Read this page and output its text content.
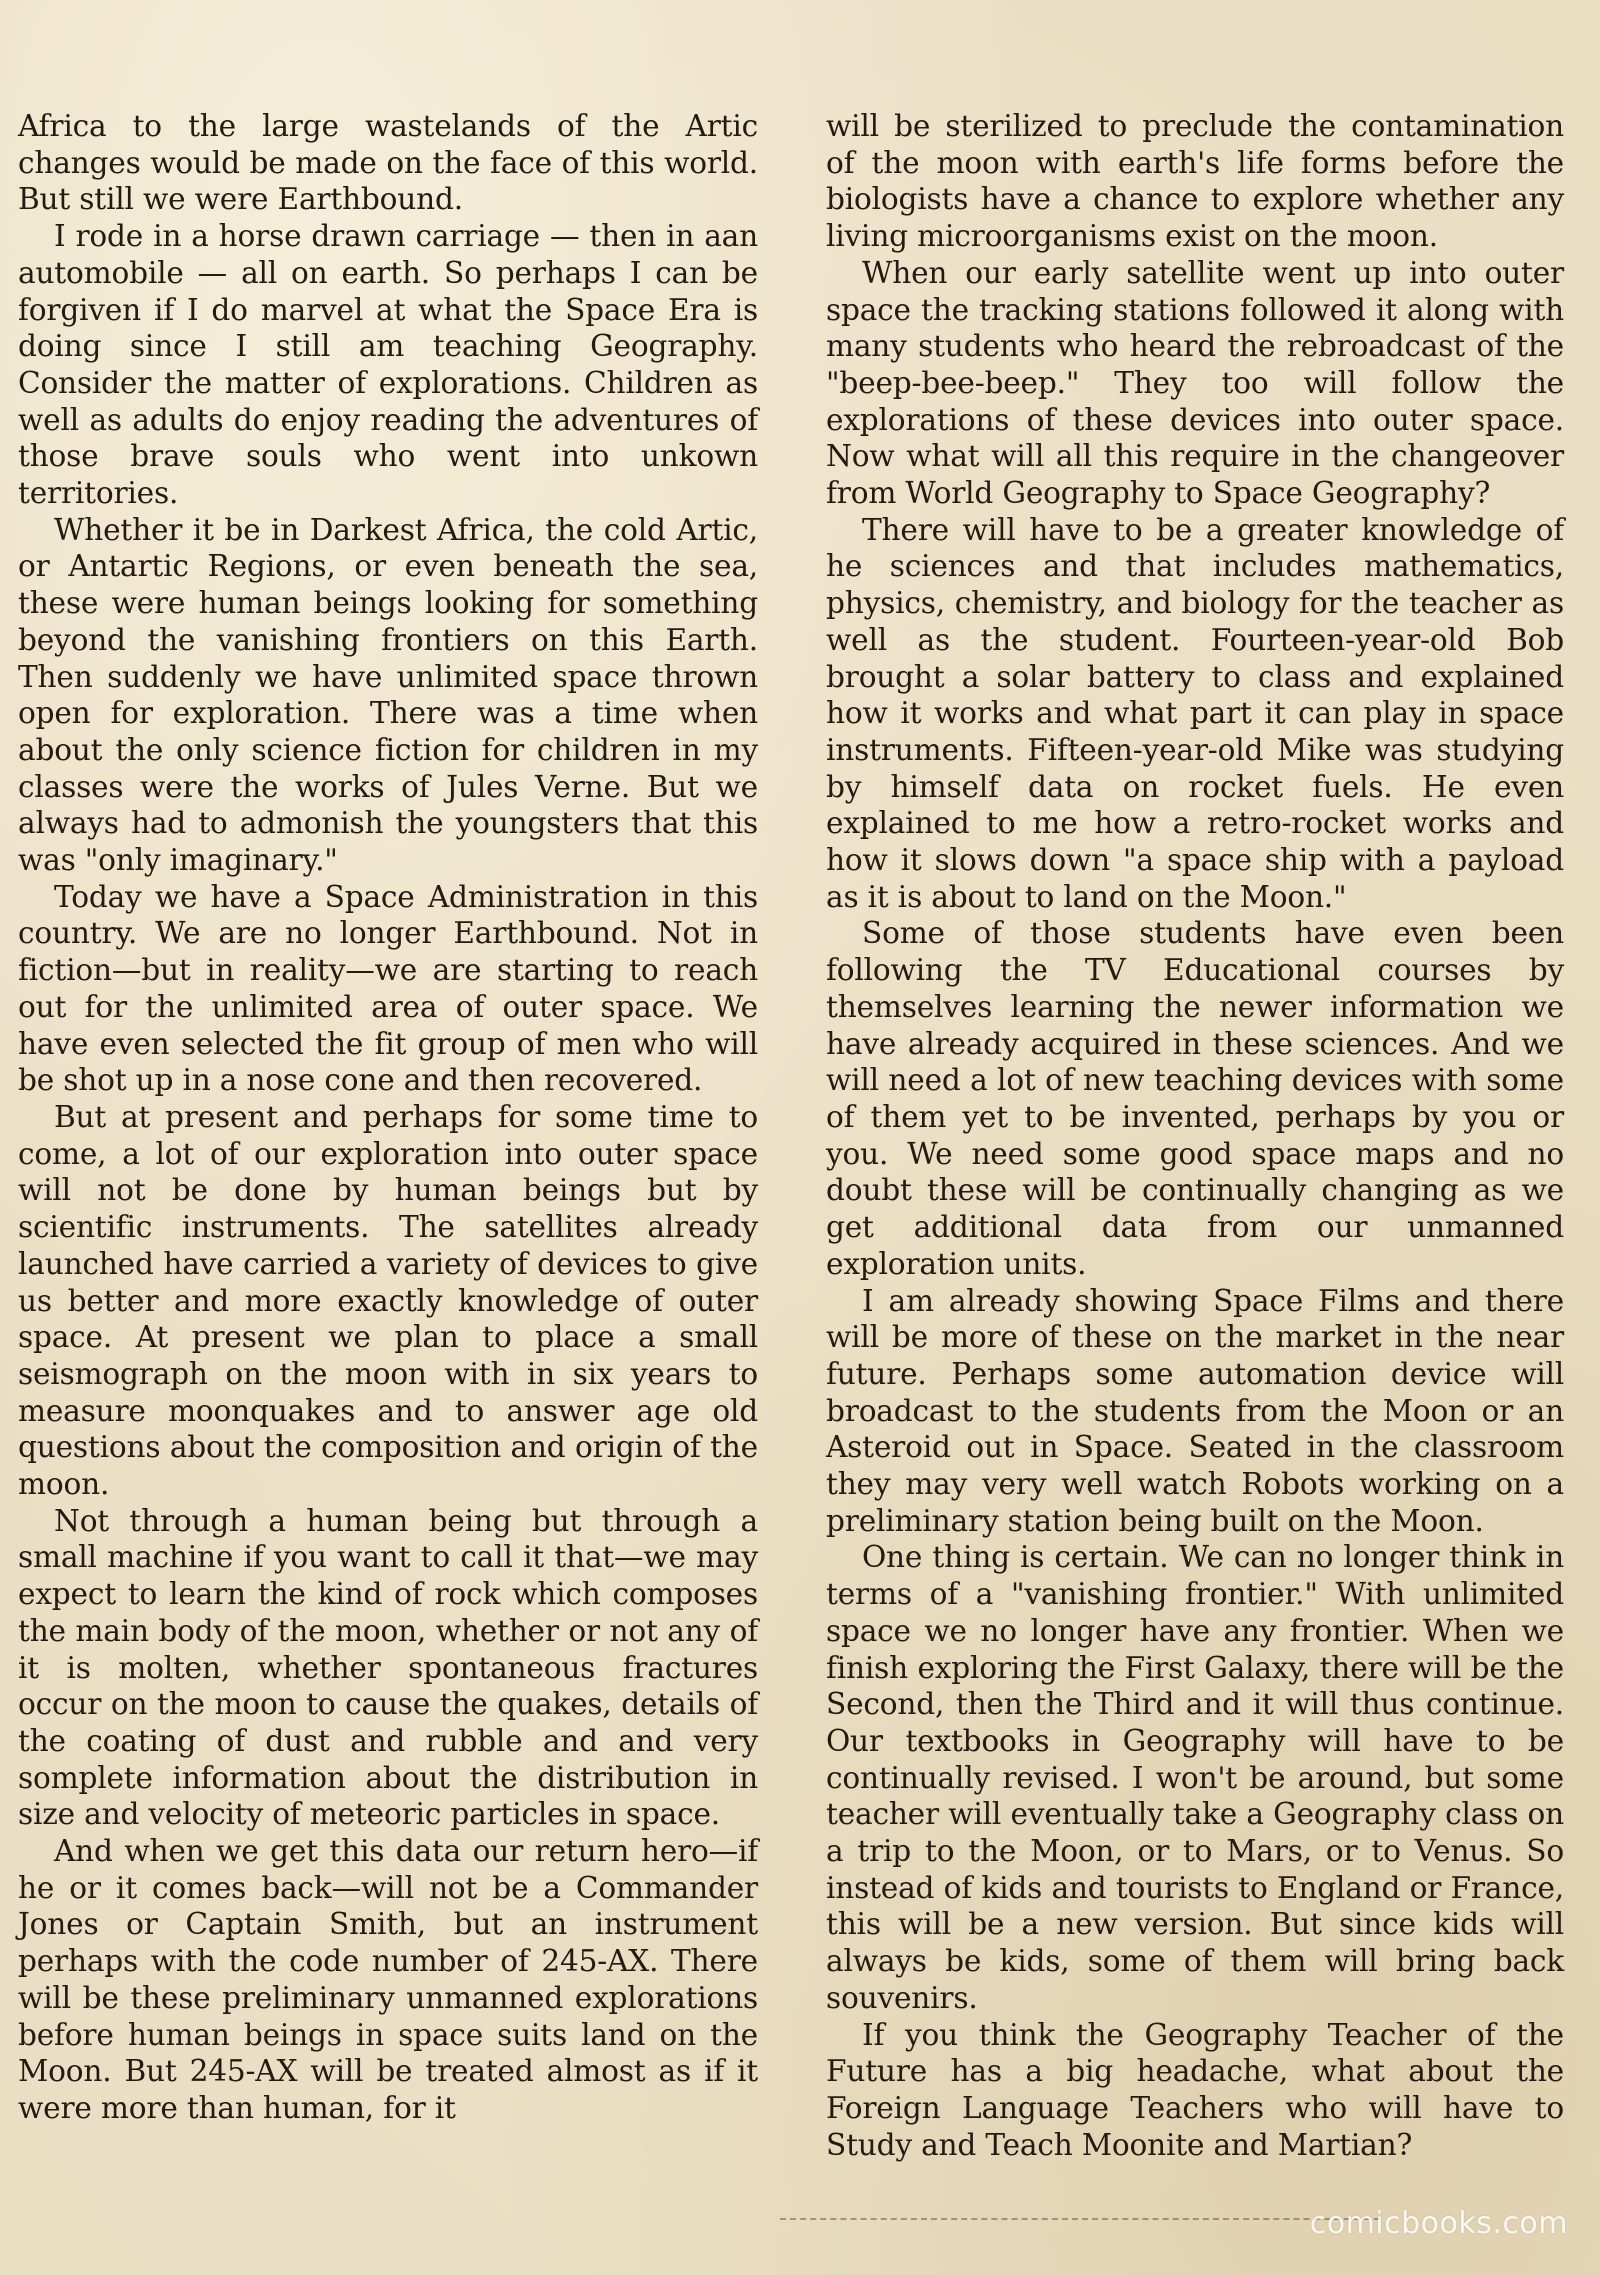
Africa to the large wastelands of the Artic changes would be made on the face of this world. But still we were Earthbound.

I rode in a horse drawn carriage — then in aan automobile — all on earth. So perhaps I can be forgiven if I do marvel at what the Space Era is doing since I still am teaching Geography. Consider the matter of explorations. Children as well as adults do enjoy reading the adventures of those brave souls who went into unkown territories.

Whether it be in Darkest Africa, the cold Artic, or Antartic Regions, or even beneath the sea, these were human beings looking for something beyond the vanishing frontiers on this Earth. Then suddenly we have unlimited space thrown open for exploration. There was a time when about the only science fiction for children in my classes were the works of Jules Verne. But we always had to admonish the youngsters that this was "only imaginary."

Today we have a Space Administration in this country. We are no longer Earthbound. Not in fiction—but in reality—we are starting to reach out for the unlimited area of outer space. We have even selected the fit group of men who will be shot up in a nose cone and then recovered.

But at present and perhaps for some time to come, a lot of our exploration into outer space will not be done by human beings but by scientific instruments. The satellites already launched have carried a variety of devices to give us better and more exactly knowledge of outer space. At present we plan to place a small seismograph on the moon with in six years to measure moonquakes and to answer age old questions about the composition and origin of the moon.

Not through a human being but through a small machine if you want to call it that—we may expect to learn the kind of rock which composes the main body of the moon, whether or not any of it is molten, whether spontaneous fractures occur on the moon to cause the quakes, details of the coating of dust and rubble and and very somplete information about the distribution in size and velocity of meteoric particles in space.

And when we get this data our return hero—if he or it comes back—will not be a Commander Jones or Captain Smith, but an instrument perhaps with the code number of 245-AX. There will be these preliminary unmanned explorations before human beings in space suits land on the Moon. But 245-AX will be treated almost as if it were more than human, for it

will be sterilized to preclude the contamination of the moon with earth's life forms before the biologists have a chance to explore whether any living microorganisms exist on the moon.

When our early satellite went up into outer space the tracking stations followed it along with many students who heard the rebroadcast of the "beep-bee-beep." They too will follow the explorations of these devices into outer space. Now what will all this require in the changeover from World Geography to Space Geography?

There will have to be a greater knowledge of he sciences and that includes mathematics, physics, chemistry, and biology for the teacher as well as the student. Fourteen-year-old Bob brought a solar battery to class and explained how it works and what part it can play in space instruments. Fifteen-year-old Mike was studying by himself data on rocket fuels. He even explained to me how a retro-rocket works and how it slows down "a space ship with a payload as it is about to land on the Moon."

Some of those students have even been following the TV Educational courses by themselves learning the newer information we have already acquired in these sciences. And we will need a lot of new teaching devices with some of them yet to be invented, perhaps by you or you. We need some good space maps and no doubt these will be continually changing as we get additional data from our unmanned exploration units.

I am already showing Space Films and there will be more of these on the market in the near future. Perhaps some automation device will broadcast to the students from the Moon or an Asteroid out in Space. Seated in the classroom they may very well watch Robots working on a preliminary station being built on the Moon.

One thing is certain. We can no longer think in terms of a "vanishing frontier." With unlimited space we no longer have any frontier. When we finish exploring the First Galaxy, there will be the Second, then the Third and it will thus continue. Our textbooks in Geography will have to be continually revised. I won't be around, but some teacher will eventually take a Geography class on a trip to the Moon, or to Mars, or to Venus. So instead of kids and tourists to England or France, this will be a new version. But since kids will always be kids, some of them will bring back souvenirs.

If you think the Geography Teacher of the Future has a big headache, what about the Foreign Language Teachers who will have to Study and Teach Moonite and Martian?

comicbooks.com
